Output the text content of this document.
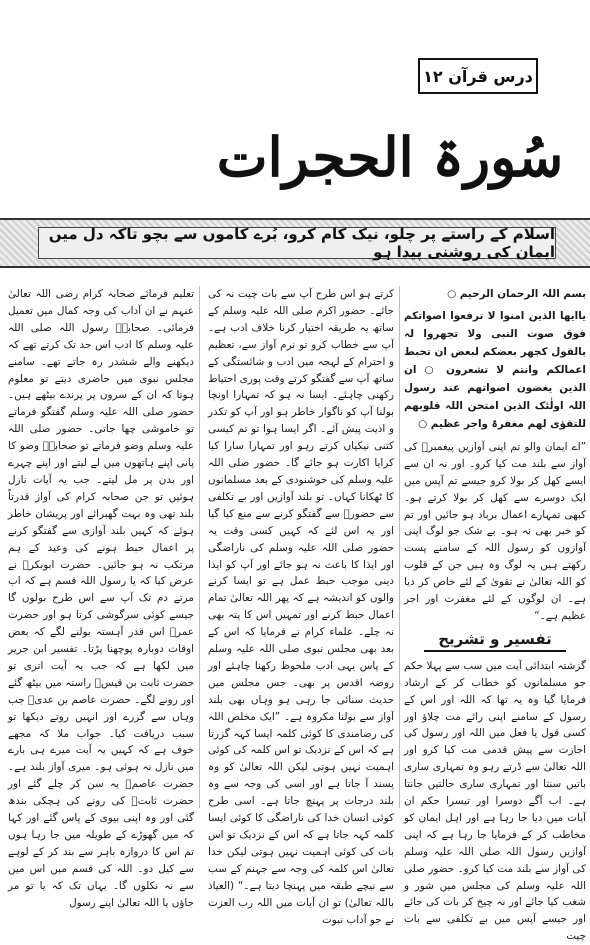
درس قرآن ۱۲
سُورۃ الحجرات
اسلام کے راستے پر چلو، نیک کام کرو، بُرے کاموں سے بچو تاکہ دل میں ایمان کی روشنی پیدا ہو

بسم اللہ الرحمان الرحیم ○

یاایھا الذین امنوا لا ترفعوا اصواتکم فوق صوت النبی ولا تجھروا لہ بالقول کجھر بعضکم لبعض ان تحبط اعمالکم وانتم لا تشعرون ○ ان الذین یغضون اصواتھم عند رسول اللہ اولٰئک الذین امتحن اللہ قلوبھم للتقوٰی لھم مغفرۃ واجر عظیم ○

”اے ایمان والو تم اپنی آوازیں پیغمبرؐ کی آواز سے بلند مت کیا کرو۔ اور نہ ان سے ایسے کھل کر بولا کرو جیسے تم آپس میں ایک دوسرے سے کھل کر بولا کرتے ہو۔ کبھی تمہارے اعمال برباد ہو جائیں اور تم کو خبر بھی نہ ہو۔ بے شک جو لوگ اپنی آوازوں کو رسول اللہ کے سامنے پست رکھتے ہیں یہ لوگ وہ ہیں جن کے قلوب کو اللہ تعالیٰ نے تقویٰ کے لئے خاص کر دیا ہے۔ ان لوگوں کے لئے مغفرت اور اجر عظیم ہے۔“

تفسیر و تشریح

گزشتہ ابتدائی آیت میں سب سے پہلا حکم جو مسلمانوں کو خطاب کر کے ارشاد فرمایا گیا وہ یہ تھا کہ اللہ اور اس کے رسول کے سامنے اپنی رائے مت چلاؤ اور کسی قول یا فعل میں اللہ اور رسول کی اجازت سے پیش قدمی مت کیا کرو اور اللہ تعالیٰ سے ڈرتے رہو وہ تمہاری ساری باتیں سنتا اور تمہاری ساری حالتیں جانتا ہے۔ اب آگے دوسرا اور تیسرا حکم ان آیات میں دیا جا رہا ہے اور اہل ایمان کو مخاطب کر کے فرمایا جا رہا ہے کہ اپنی آوازیں رسول اللہ صلی اللہ علیہ وسلم کی آواز سے بلند مت کیا کرو۔ حضور صلی اللہ علیہ وسلم کی مجلس میں شور و شغب کیا جائے اور نہ چیخ کر بات کی جائے اور جیسے آپس میں بے تکلفی سے بات چیت

کرتے ہو اس طرح آپ سے بات چیت نہ کی جائے۔ حضور اکرم صلی اللہ علیہ وسلم کے ساتھ یہ طریقہ اختیار کرنا خلاف ادب ہے۔ آپ سے خطاب کرو تو نرم آواز سے، تعظیم و احترام کے لہجہ میں ادب و شائستگی کے ساتھ آپ سے گفتگو کرتے وقت پوری احتیاط رکھنی چاہئے۔ ایسا نہ ہو کہ تمہارا اونچا بولنا آپ کو ناگوار خاطر ہو اور آپ کو تکدر و اذیت پیش آئے۔ اگر ایسا ہوا تو تم کیسی کتنی نیکیاں کرتے رہو اور تمہارا سارا کیا کرایا اکارت ہو جائے گا۔ حضور صلی اللہ علیہ وسلم کی خوشنودی کے بعد مسلمانوں کا ٹھکانا کہاں۔ تو بلند آوازیں اور بے تکلفی سے حضورؐ سے گفتگو کرنے سے منع کیا گیا اور یہ اس لئے کہ کہیں کسی وقت یہ حضور صلی اللہ علیہ وسلم کی ناراضگی اور ایذا کا باعث نہ ہو جائے اور آپ کو ایذا دینی موجب حبط عمل ہے تو ایسا کرنے والوں کو اندیشہ ہے کہ پھر اللہ تعالیٰ تمام اعمال حبط کرنے اور تمہیں اس کا پتہ بھی نہ چلے۔ علماء کرام نے فرمایا کہ اس کے بعد بھی مجلس نبوی صلی اللہ علیہ وسلم کے پاس یہی ادب ملحوظ رکھنا چاہئے اور روضہ اقدس پر بھی۔ جس مجلس میں حدیث سنائی جا رہی ہو وہاں بھی بلند آواز سے بولنا مکروہ ہے۔ ”ایک مخلص اللہ کی رضامندی کا کوئی کلمہ ایسا کہہ گزرتا ہے کہ اس کے نزدیک تو اس کلمہ کی کوئی اہمیت نہیں ہوتی لیکن اللہ تعالیٰ کو وہ پسند آ جاتا ہے اور اسی کی وجہ سے وہ بلند درجات پر پہنچ جاتا ہے۔ اسی طرح کوئی انسان خدا کی ناراضگی کا کوئی ایسا کلمہ کہہ جاتا ہے کہ اس کے نزدیک تو اس بات کی کوئی اہمیت نہیں ہوتی لیکن خدا تعالیٰ اس کلمہ کی وجہ سے جہنم کے سب سے نیچے طبقہ میں پہنچا دیتا ہے۔“ (العیاذ باللہ تعالیٰ) تو ان آیات میں اللہ رب العزت نے جو آداب نبوت

تعلیم فرمائے صحابہ کرام رضی اللہ تعالیٰ عنہم نے ان آداب کی وجہ کمال میں تعمیل فرمائی۔ صحابہؓ رسول اللہ صلی اللہ علیہ وسلم کا ادب اس حد تک کرتے تھے کہ دیکھنے والے ششدر رہ جاتے تھے۔ سامنے مجلس نبوی میں حاضری دیتے تو معلوم ہوتا کہ ان کے سروں پر پرندے بیٹھے ہیں۔ حضور صلی اللہ علیہ وسلم گفتگو فرماتے تو خاموشی چھا جاتی۔ حضور صلی اللہ علیہ وسلم وضو فرماتے تو صحابہؓ وضو کا پانی اپنے ہاتھوں میں لے لیتے اور اپنے چہرے اور بدن پر مل لیتے۔ جب یہ آیات نازل ہوئیں تو جن صحابہ کرام کی آواز قدرتاً بلند تھی وہ بہت گھبرائے اور پریشان خاطر ہوئے کہ کہیں بلند آوازی سے گفتگو کرنے پر اعمال حبط ہونے کی وعید کے ہم مرتکب نہ ہو جائیں۔ حضرت ابوبکرؓ نے عرض کیا کہ یا رسول اللہ قسم ہے کہ اب مرتے دم تک آپ سے اس طرح بولوں گا جیسے کوئی سرگوشی کرتا ہو اور حضرت عمرؓ اس قدر آہستہ بولنے لگے کہ بعض اوقات دوبارہ پوچھنا پڑتا۔ تفسیر ابن جریر میں لکھا ہے کہ جب یہ آیت اتری تو حضرت ثابت بن قیسؓ راستہ میں بیٹھ گئے اور رونے لگے۔ حضرت عاصم بن عدیؓ جب وہاں سے گزرے اور انہیں روتے دیکھا تو سبب دریافت کیا۔ جواب ملا کہ مجھے خوف ہے کہ کہیں یہ آیت میرے ہی بارے میں نازل نہ ہوئی ہو۔ میری آواز بلند ہے۔ حضرت عاصمؓ یہ سن کر چلے گئے اور حضرت ثابتؓ کی رونے کی ہچکی بندھ گئی اور وہ اپنی بیوی کے پاس گئے اور کہا کہ میں گھوڑے کے طویلہ میں جا رہا ہوں تم اس کا دروازہ باہر سے بند کر کے لوہے سے کیل دو۔ اللہ کی قسم میں اس میں سے نہ نکلوں گا۔ یہاں تک کہ یا تو مر جاؤں یا اللہ تعالیٰ اپنے رسول
